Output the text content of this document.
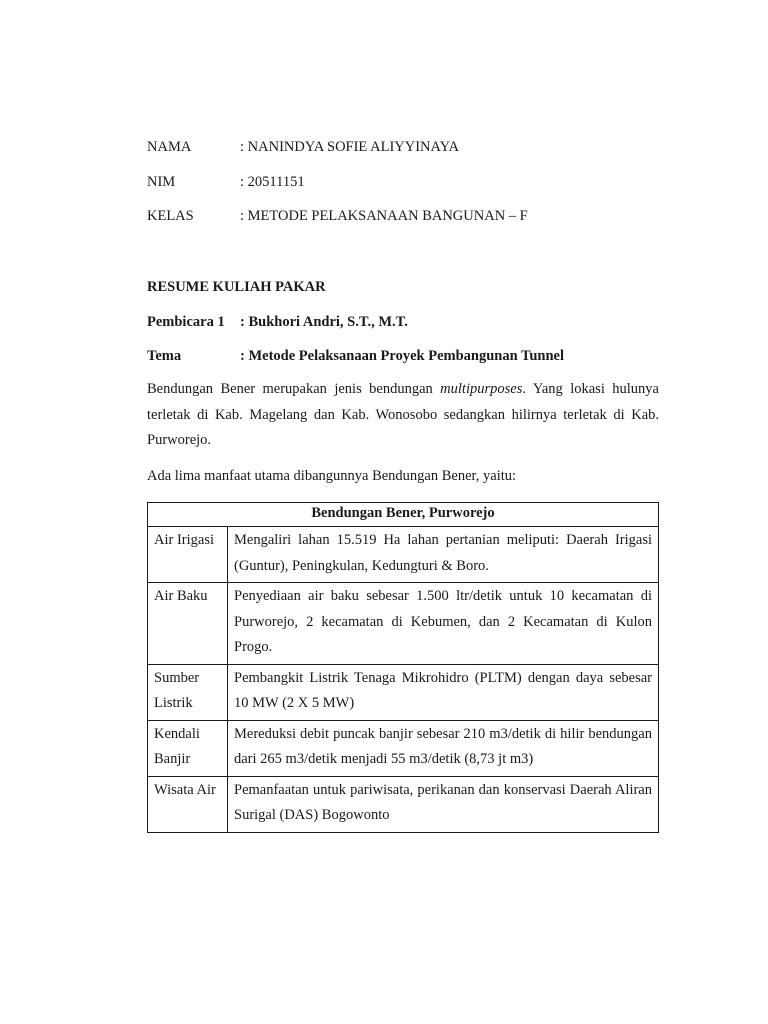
NAMA	: NANINDYA SOFIE ALIYYINAYA
NIM	: 20511151
KELAS	: METODE PELAKSANAAN BANGUNAN – F
RESUME KULIAH PAKAR
Pembicara 1 : Bukhori Andri, S.T., M.T.
Tema	: Metode Pelaksanaan Proyek Pembangunan Tunnel
Bendungan Bener merupakan jenis bendungan multipurposes. Yang lokasi hulunya terletak di Kab. Magelang dan Kab. Wonosobo sedangkan hilirnya terletak di Kab. Purworejo.
Ada lima manfaat utama dibangunnya Bendungan Bener, yaitu:
Bendungan Bener, Purworejo	
Air Irigasi	Mengaliri lahan 15.519 Ha lahan pertanian meliputi: Daerah Irigasi (Guntur), Peningkulan, Kedungturi & Boro.
Air Baku	Penyediaan air baku sebesar 1.500 ltr/detik untuk 10 kecamatan di Purworejo, 2 kecamatan di Kebumen, dan 2 Kecamatan di Kulon Progo.
Sumber Listrik	Pembangkit Listrik Tenaga Mikrohidro (PLTM) dengan daya sebesar 10 MW (2 X 5 MW)
Kendali Banjir	Mereduksi debit puncak banjir sebesar 210 m3/detik di hilir bendungan dari 265 m3/detik menjadi 55 m3/detik (8,73 jt m3)
Wisata Air	Pemanfaatan untuk pariwisata, perikanan dan konservasi Daerah Aliran Surigal (DAS) Bogowonto
